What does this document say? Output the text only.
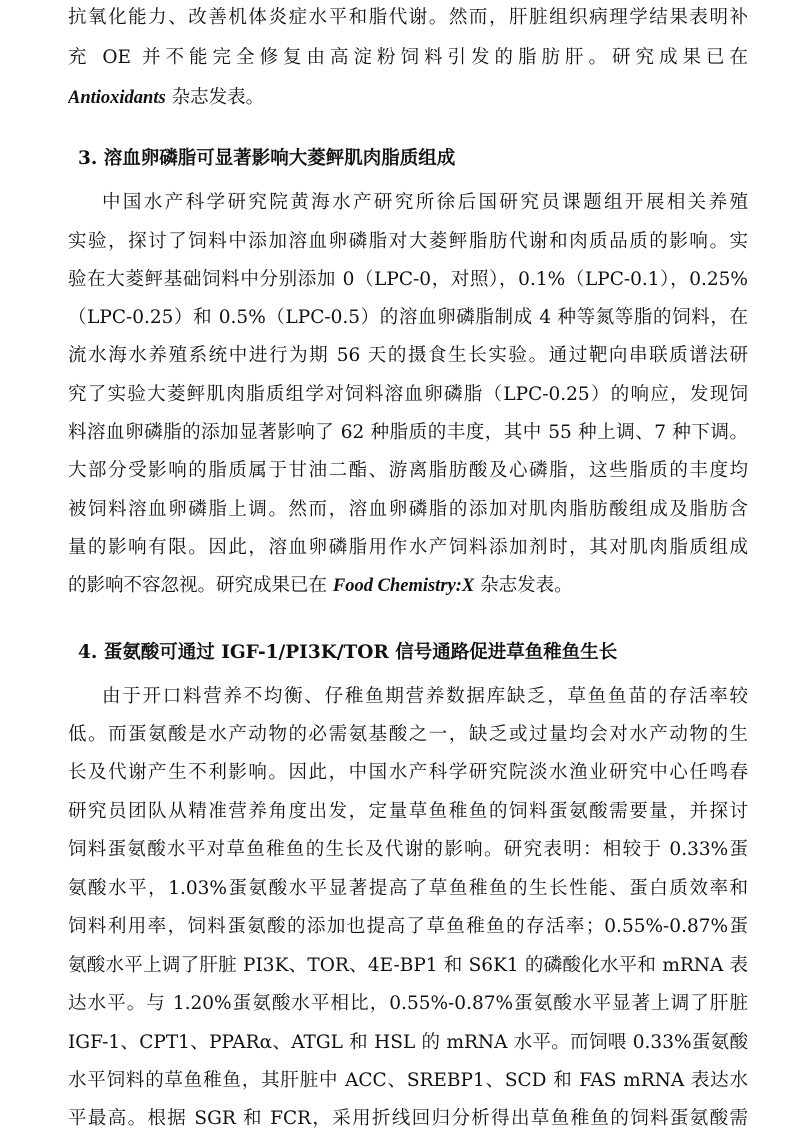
抗氧化能力、改善机体炎症水平和脂代谢。然而，肝脏组织病理学结果表明补
充 OE 并不能完全修复由高淀粉饲料引发的脂肪肝。研究成果已在
Antioxidants 杂志发表。
3. 溶血卵磷脂可显著影响大菱鲆肌肉脂质组成
中国水产科学研究院黄海水产研究所徐后国研究员课题组开展相关养殖
实验，探讨了饲料中添加溶血卵磷脂对大菱鲆脂肪代谢和肉质品质的影响。实
验在大菱鲆基础饲料中分别添加 0（LPC-0，对照），0.1%（LPC-0.1），0.25%
（LPC-0.25）和 0.5%（LPC-0.5）的溶血卵磷脂制成 4 种等氮等脂的饲料，在
流水海水养殖系统中进行为期 56 天的摄食生长实验。通过靶向串联质谱法研
究了实验大菱鲆肌肉脂质组学对饲料溶血卵磷脂（LPC-0.25）的响应，发现饲
料溶血卵磷脂的添加显著影响了 62 种脂质的丰度，其中 55 种上调、7 种下调。
大部分受影响的脂质属于甘油二酯、游离脂肪酸及心磷脂，这些脂质的丰度均
被饲料溶血卵磷脂上调。然而，溶血卵磷脂的添加对肌肉脂肪酸组成及脂肪含
量的影响有限。因此，溶血卵磷脂用作水产饲料添加剂时，其对肌肉脂质组成
的影响不容忽视。研究成果已在 Food Chemistry:X 杂志发表。
4. 蛋氨酸可通过 IGF-1/PI3K/TOR 信号通路促进草鱼稚鱼生长
由于开口料营养不均衡、仔稚鱼期营养数据库缺乏，草鱼鱼苗的存活率较
低。而蛋氨酸是水产动物的必需氨基酸之一，缺乏或过量均会对水产动物的生
长及代谢产生不利影响。因此，中国水产科学研究院淡水渔业研究中心任鸣春
研究员团队从精准营养角度出发，定量草鱼稚鱼的饲料蛋氨酸需要量，并探讨
饲料蛋氨酸水平对草鱼稚鱼的生长及代谢的影响。研究表明：相较于 0.33%蛋
氨酸水平，1.03%蛋氨酸水平显著提高了草鱼稚鱼的生长性能、蛋白质效率和
饲料利用率，饲料蛋氨酸的添加也提高了草鱼稚鱼的存活率；0.55%-0.87%蛋
氨酸水平上调了肝脏 PI3K、TOR、4E-BP1 和 S6K1 的磷酸化水平和 mRNA 表
达水平。与 1.20%蛋氨酸水平相比，0.55%-0.87%蛋氨酸水平显著上调了肝脏
IGF-1、CPT1、PPARα、ATGL 和 HSL 的 mRNA 水平。而饲喂 0.33%蛋氨酸
水平饲料的草鱼稚鱼，其肝脏中 ACC、SREBP1、SCD 和 FAS mRNA 表达水
平最高。根据 SGR 和 FCR，采用折线回归分析得出草鱼稚鱼的饲料蛋氨酸需
